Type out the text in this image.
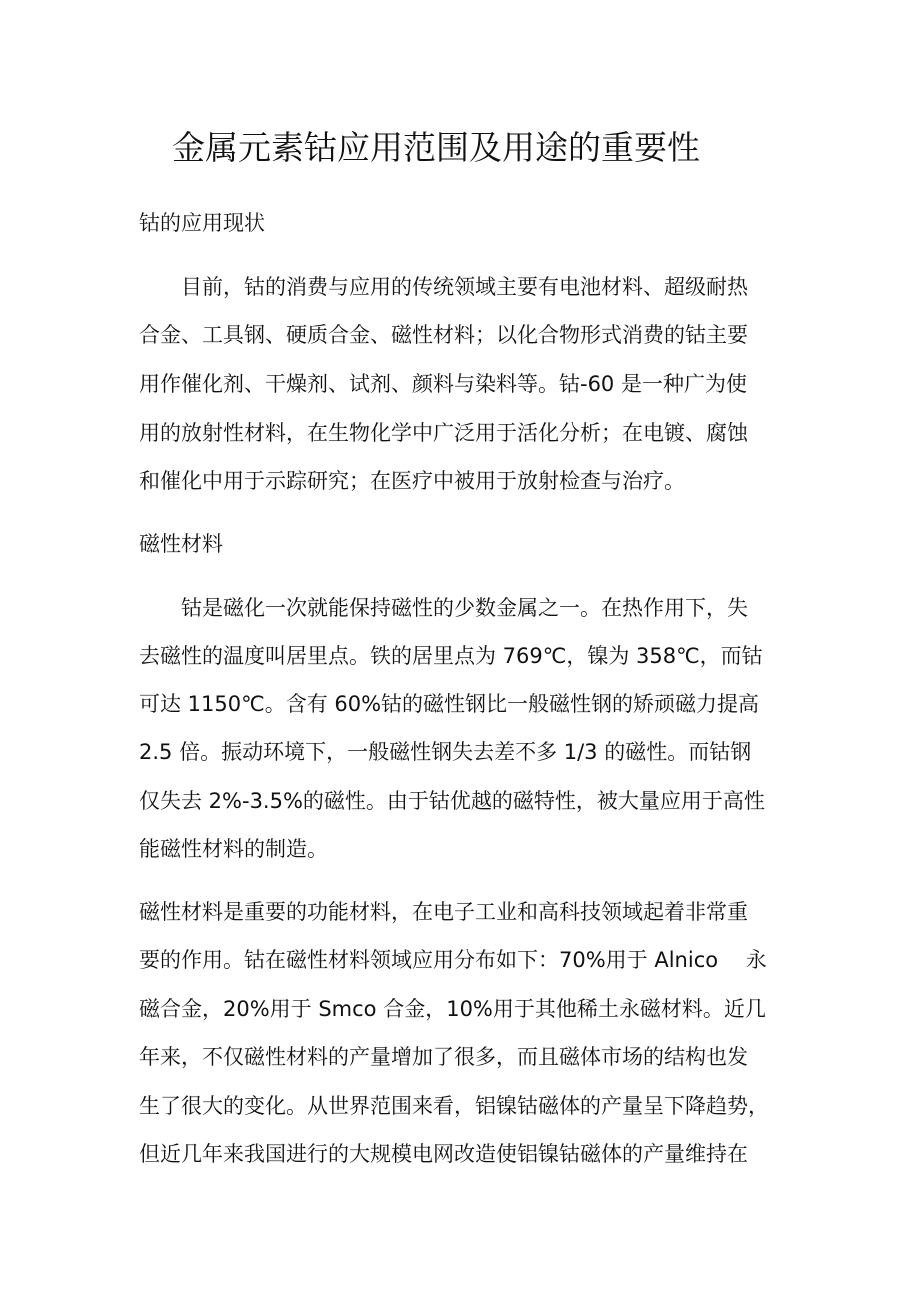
金属元素钴应用范围及用途的重要性
钴的应用现状
目前，钴的消费与应用的传统领域主要有电池材料、超级耐热
合金、工具钢、硬质合金、磁性材料；以化合物形式消费的钴主要
用作催化剂、干燥剂、试剂、颜料与染料等。钴-60 是一种广为使
用的放射性材料，在生物化学中广泛用于活化分析；在电镀、腐蚀
和催化中用于示踪研究；在医疗中被用于放射检查与治疗。
磁性材料
钴是磁化一次就能保持磁性的少数金属之一。在热作用下，失
去磁性的温度叫居里点。铁的居里点为 769℃，镍为 358℃，而钴
可达 1150℃。含有 60%钴的磁性钢比一般磁性钢的矫顽磁力提高
2.5 倍。振动环境下，一般磁性钢失去差不多 1/3 的磁性。而钴钢
仅失去 2%-3.5%的磁性。由于钴优越的磁特性，被大量应用于高性
能磁性材料的制造。
磁性材料是重要的功能材料，在电子工业和高科技领域起着非常重
要的作用。钴在磁性材料领域应用分布如下：70%用于 Alnico　 永
磁合金，20%用于 Smco 合金，10%用于其他稀土永磁材料。近几
年来，不仅磁性材料的产量增加了很多，而且磁体市场的结构也发
生了很大的变化。从世界范围来看，铝镍钴磁体的产量呈下降趋势，
但近几年来我国进行的大规模电网改造使铝镍钴磁体的产量维持在
